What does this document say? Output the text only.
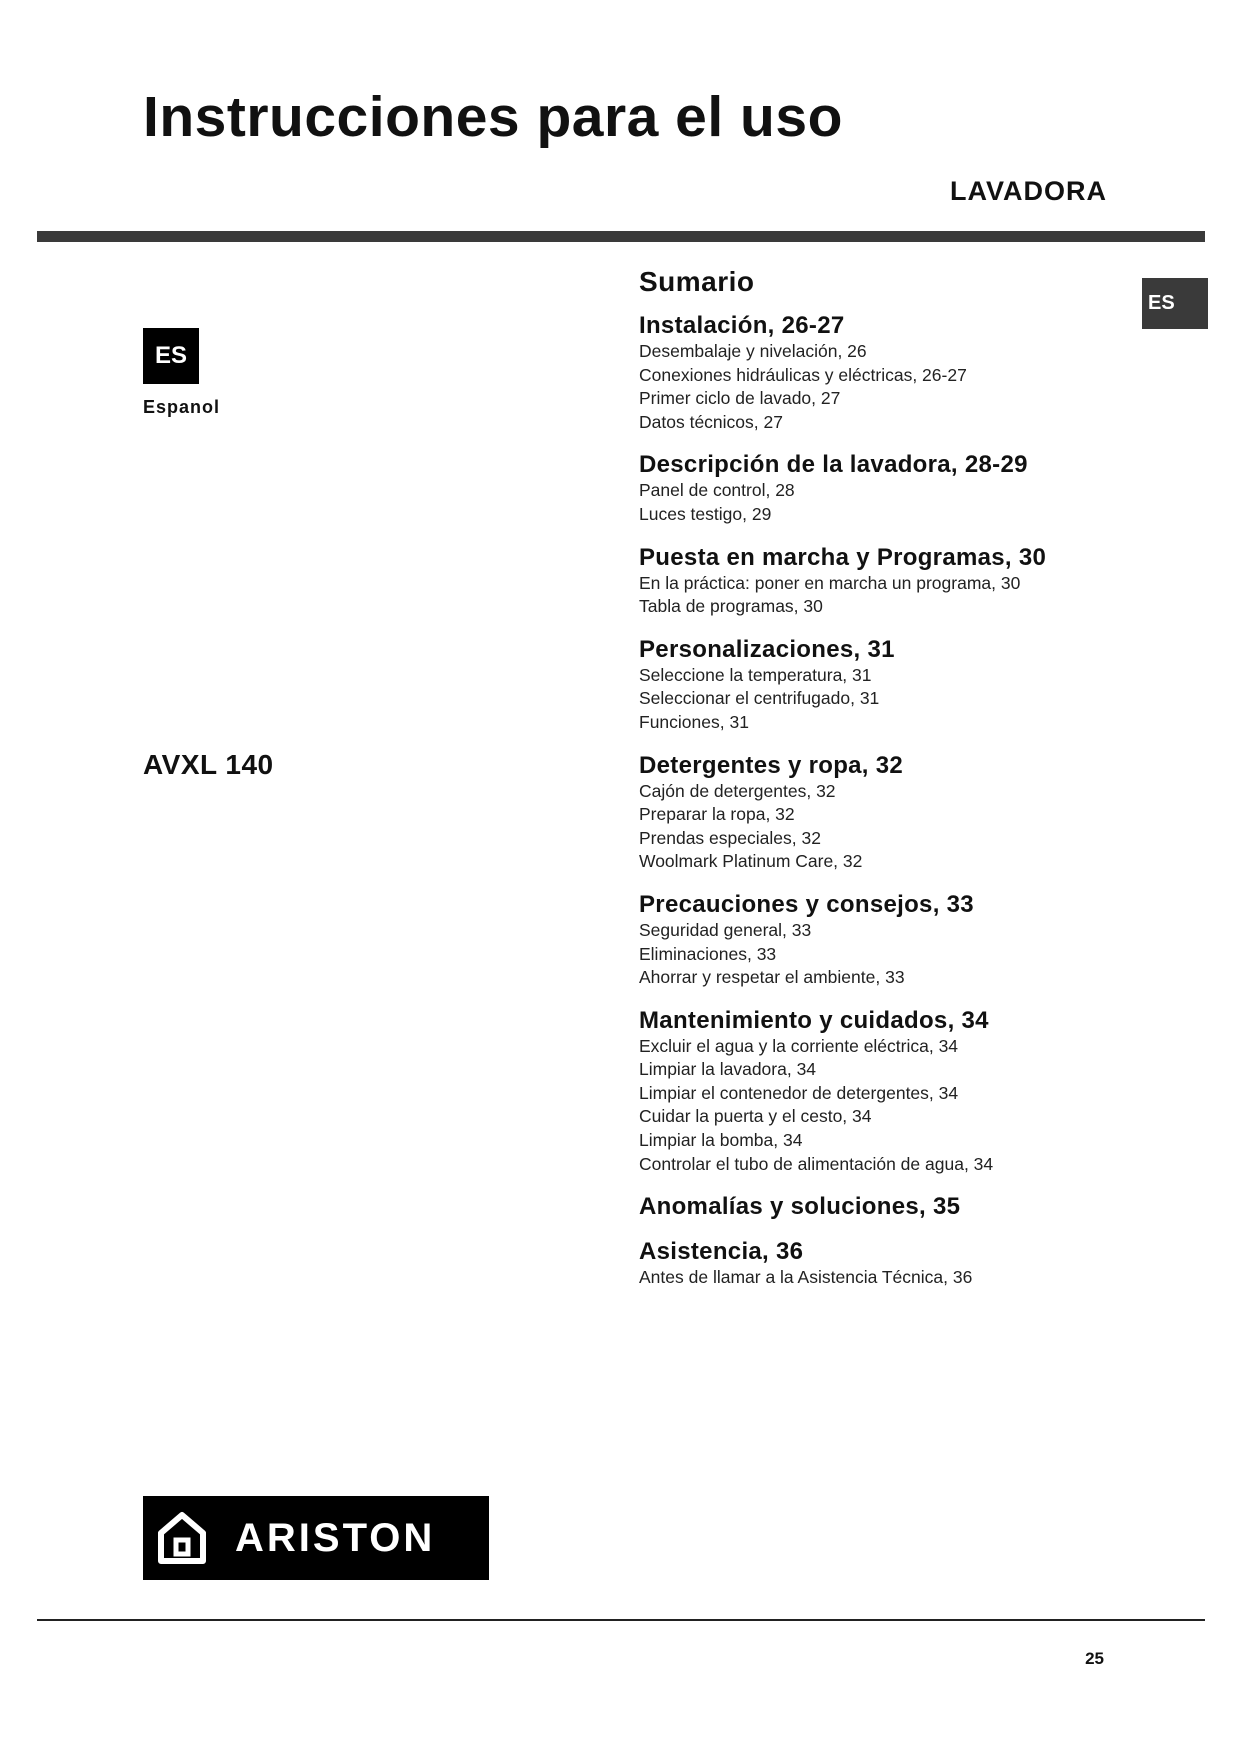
Instrucciones para el uso
LAVADORA
ES
ES
Espanol
AVXL 140
Sumario
Instalación, 26-27
Desembalaje y nivelación, 26
Conexiones hidráulicas y eléctricas, 26-27
Primer ciclo de lavado, 27
Datos técnicos, 27
Descripción de la lavadora, 28-29
Panel de control, 28
Luces testigo, 29
Puesta en marcha y Programas, 30
En la práctica: poner en marcha un programa, 30
Tabla de programas, 30
Personalizaciones, 31
Seleccione la temperatura, 31
Seleccionar el centrifugado, 31
Funciones, 31
Detergentes y ropa, 32
Cajón de detergentes, 32
Preparar la ropa, 32
Prendas especiales, 32
Woolmark Platinum Care, 32
Precauciones y consejos, 33
Seguridad general, 33
Eliminaciones, 33
Ahorrar y respetar el ambiente, 33
Mantenimiento y cuidados, 34
Excluir el agua y la corriente eléctrica, 34
Limpiar la lavadora, 34
Limpiar el contenedor de detergentes, 34
Cuidar la puerta y el cesto, 34
Limpiar la bomba, 34
Controlar el tubo de alimentación de agua, 34
Anomalías y soluciones, 35
Asistencia, 36
Antes de llamar a la Asistencia Técnica, 36
ARISTON
25
